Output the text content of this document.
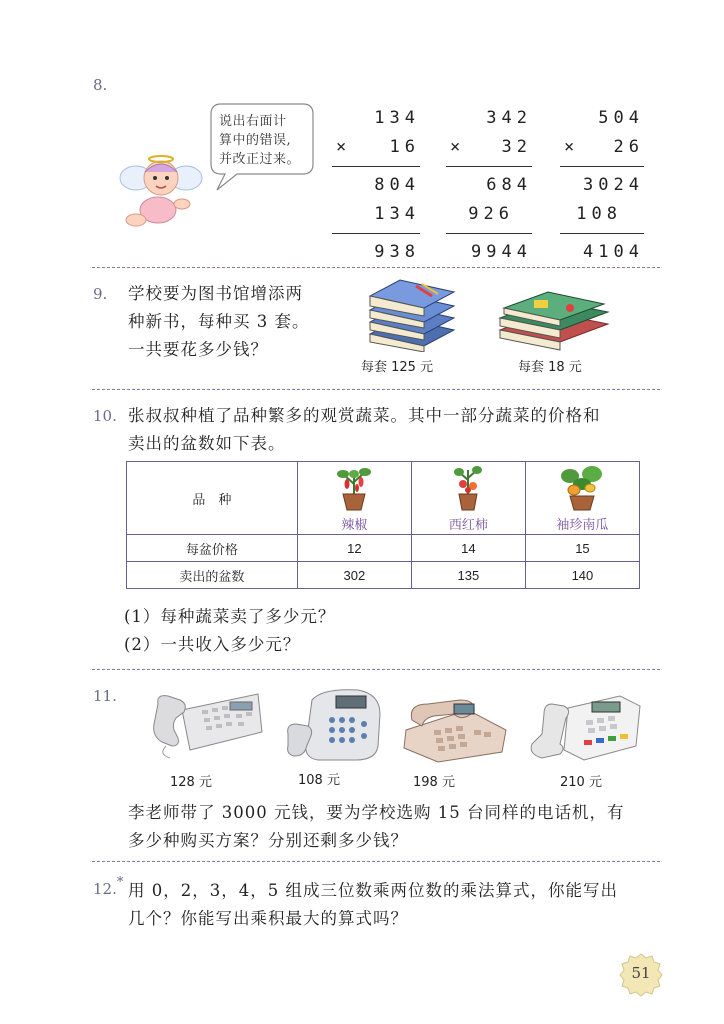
8.
说出右面计
算中的错误,
并改正过来。
134
× 16
804
134
938
342
× 32
684
926
9944
504
× 26
3024
108
4104
9. 学校要为图书馆增添两
种新书，每种买 3 套。
一共要花多少钱？
每套 125 元	每套 18 元
10. 张叔叔种植了品种繁多的观赏蔬菜。其中一部分蔬菜的价格和
卖出的盆数如下表。
品　种	辣椒	西红柿	袖珍南瓜

每盆价格	12	14	15
卖出的盆数	302	135	140
(1）每种蔬菜卖了多少元？
(2）一共收入多少元？
11.
128 元	108 元	198 元	210 元
李老师带了 3000 元钱，要为学校选购 15 台同样的电话机，有
多少种购买方案？分别还剩多少钱？
12.* 用 0，2，3，4，5 组成三位数乘两位数的乘法算式，你能写出
几个？你能写出乘积最大的算式吗？
51
